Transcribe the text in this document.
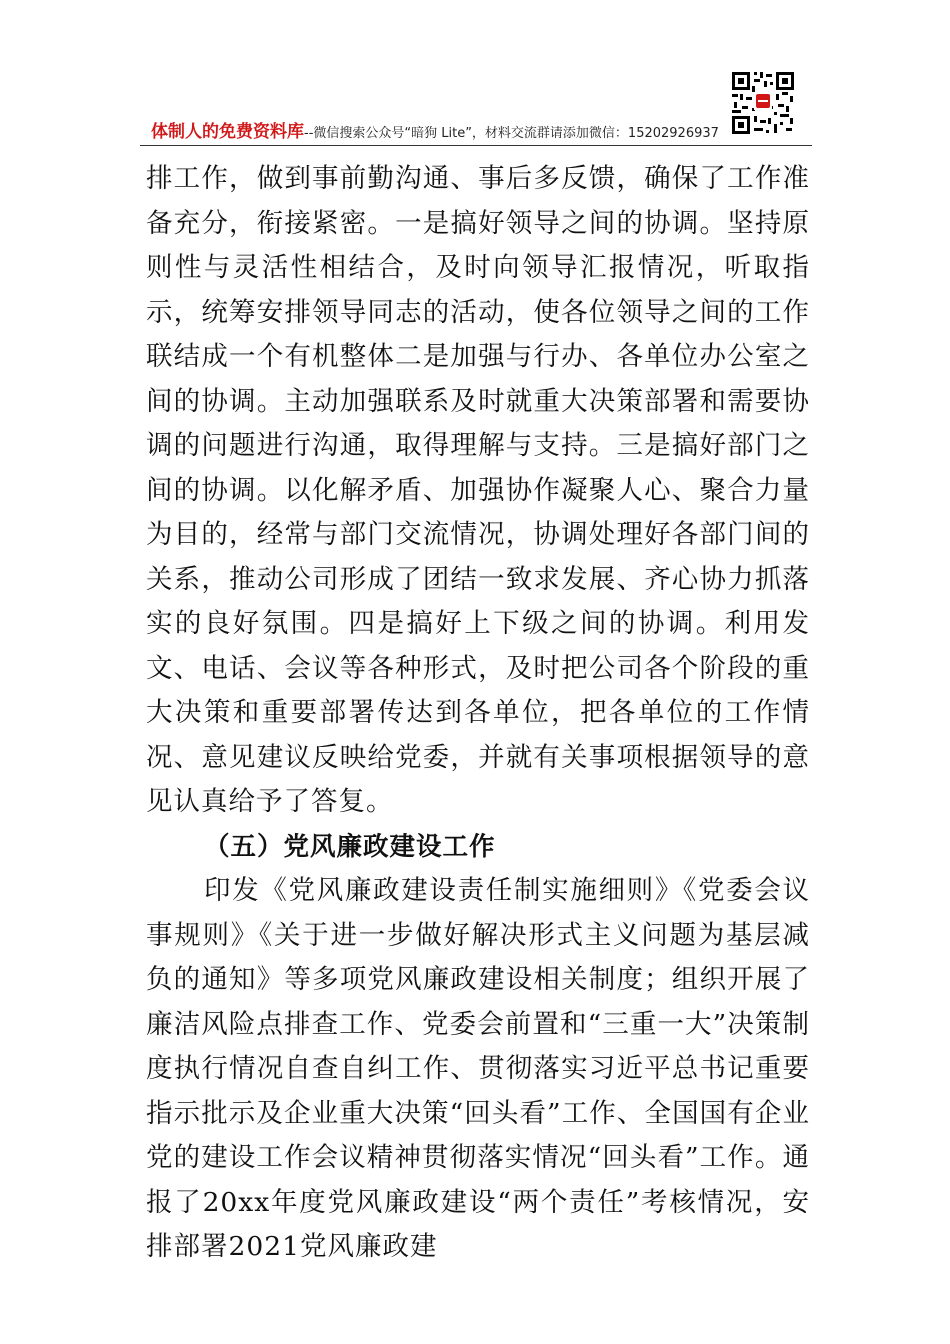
体制人的免费资料库--微信搜索公众号“暗狗 Lite”，材料交流群请添加微信：15202926937

排工作，做到事前勤沟通、事后多反馈，确保了工作准备充分，衔接紧密。一是搞好领导之间的协调。坚持原则性与灵活性相结合，及时向领导汇报情况，听取指示，统筹安排领导同志的活动，使各位领导之间的工作联结成一个有机整体二是加强与行办、各单位办公室之间的协调。主动加强联系及时就重大决策部署和需要协调的问题进行沟通，取得理解与支持。三是搞好部门之间的协调。以化解矛盾、加强协作凝聚人心、聚合力量为目的，经常与部门交流情况，协调处理好各部门间的关系，推动公司形成了团结一致求发展、齐心协力抓落实的良好氛围。四是搞好上下级之间的协调。利用发文、电话、会议等各种形式，及时把公司各个阶段的重大决策和重要部署传达到各单位，把各单位的工作情况、意见建议反映给党委，并就有关事项根据领导的意见认真给予了答复。

（五）党风廉政建设工作

印发《党风廉政建设责任制实施细则》《党委会议事规则》《关于进一步做好解决形式主义问题为基层减负的通知》等多项党风廉政建设相关制度；组织开展了廉洁风险点排查工作、党委会前置和“三重一大”决策制度执行情况自查自纠工作、贯彻落实习近平总书记重要指示批示及企业重大决策“回头看”工作、全国国有企业党的建设工作会议精神贯彻落实情况“回头看”工作。通报了20xx年度党风廉政建设“两个责任”考核情况，安排部署2021党风廉政建
